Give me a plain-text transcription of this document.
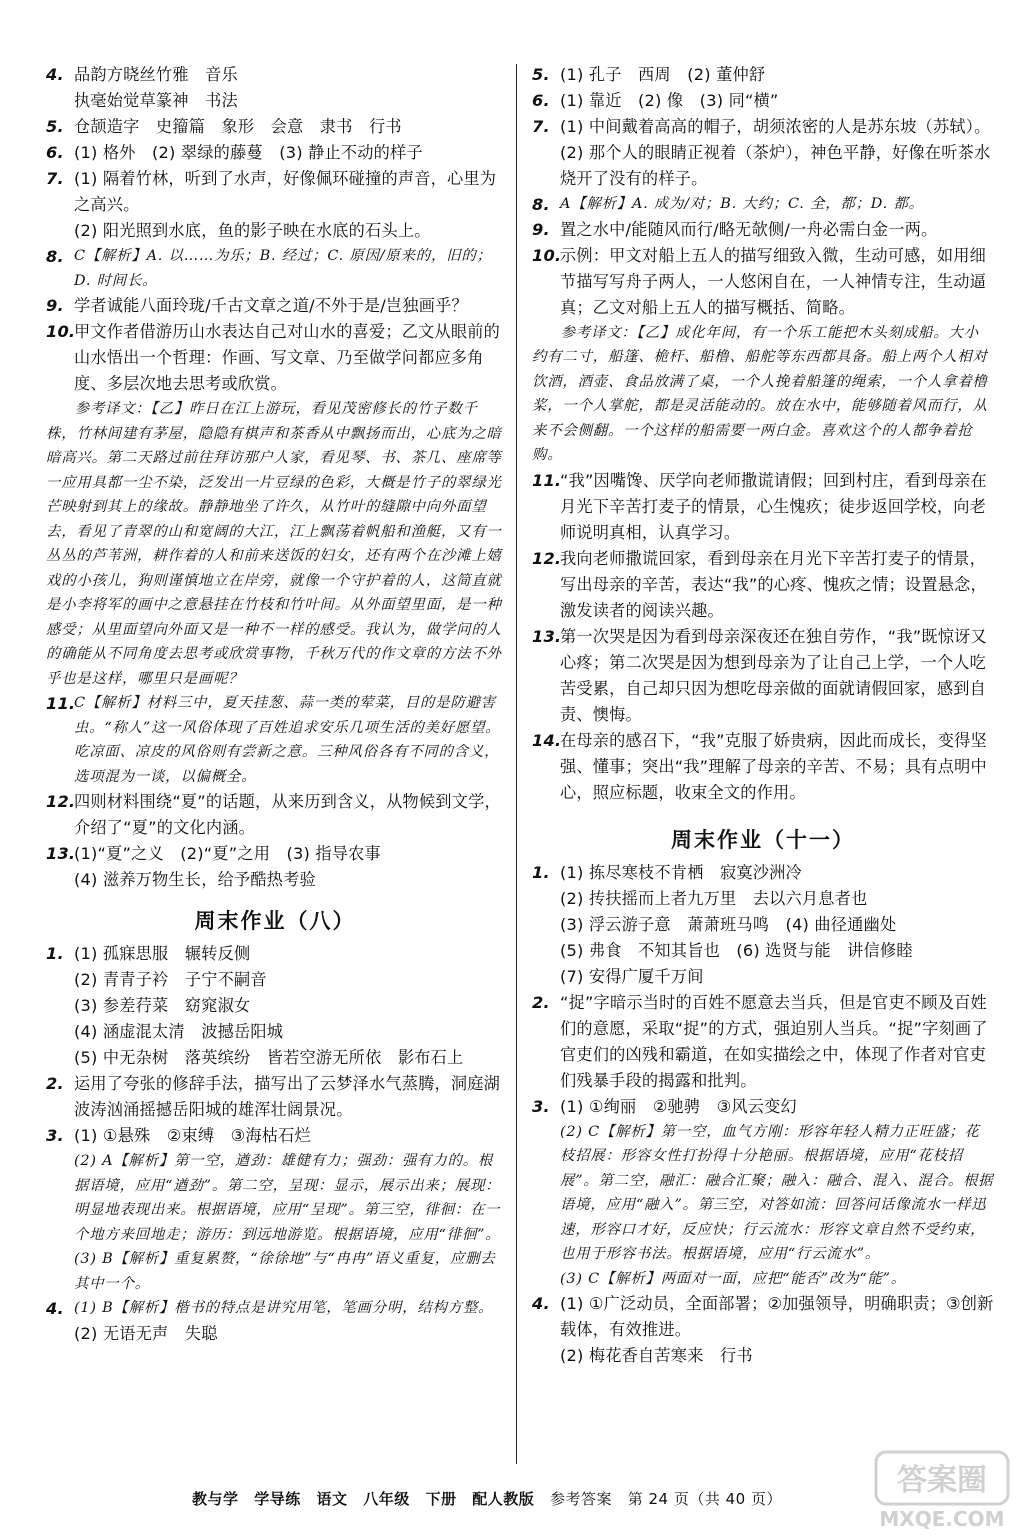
4. 品韵方晓丝竹雅　音乐
执毫始觉草篆神　书法
5. 仓颉造字　史籀篇　象形　会意　隶书　行书
6. (1) 格外　(2) 翠绿的藤蔓　(3) 静止不动的样子
7. (1) 隔着竹林，听到了水声，好像佩环碰撞的声音，心里为之高兴。
(2) 阳光照到水底，鱼的影子映在水底的石头上。
8. C【解析】A. 以……为乐；B. 经过；C. 原因/原来的，旧的；D. 时间长。
9. 学者诚能八面玲珑/千古文章之道/不外于是/岂独画乎？
10.
甲文作者借游历山水表达自己对山水的喜爱；乙文从眼前的山水悟出一个哲理：作画、写文章、乃至做学问都应多角度、多层次地去思考或欣赏。
参考译文：【乙】昨日在江上游玩，看见茂密修长的竹子数千株，竹林间建有茅屋，隐隐有棋声和茶香从中飘扬而出，心底为之暗暗高兴。第二天路过前往拜访那户人家，看见琴、书、茶几、座席等一应用具都一尘不染，泛发出一片豆绿的色彩，大概是竹子的翠绿光芒映射到其上的缘故。静静地坐了许久，从竹叶的缝隙中向外面望去，看见了青翠的山和宽阔的大江，江上飘荡着帆船和渔艇，又有一丛丛的芦苇洲，耕作着的人和前来送饭的妇女，还有两个在沙滩上嬉戏的小孩儿，狗则谨慎地立在岸旁，就像一个守护着的人，这简直就是小李将军的画中之意悬挂在竹枝和竹叶间。从外面望里面，是一种感受；从里面望向外面又是一种不一样的感受。我认为，做学问的人的确能从不同角度去思考或欣赏事物，千秋万代的作文章的方法不外乎也是这样，哪里只是画呢？
11.
C【解析】材料三中，夏天挂葱、蒜一类的荤菜，目的是防避害虫。“称人”这一风俗体现了百姓追求安乐几项生活的美好愿望。吃凉面、凉皮的风俗则有尝新之意。三种风俗各有不同的含义，选项混为一谈，以偏概全。
12.
四则材料围绕“夏”的话题，从来历到含义，从物候到文学，介绍了“夏”的文化内涵。
13.
(1)“夏”之义　(2)“夏”之用　(3) 指导农事
(4) 滋养万物生长，给予酷热考验
周末作业（八）
1. (1) 孤寐思服　辗转反侧
(2) 青青子衿　子宁不嗣音
(3) 参差荇菜　窈窕淑女
(4) 涵虚混太清　波撼岳阳城
(5) 中无杂树　落英缤纷　皆若空游无所依　影布石上
2. 运用了夸张的修辞手法，描写出了云梦泽水气蒸腾，洞庭湖波涛汹涌摇撼岳阳城的雄浑壮阔景况。
3. (1) ①悬殊　②束缚　③海枯石烂
(2) A【解析】第一空，遒劲：雄健有力；强劲：强有力的。根据语境，应用“遒劲”。第二空，呈现：显示，展示出来；展现：明显地表现出来。根据语境，应用“呈现”。第三空，徘徊：在一个地方来回地走；游历：到远地游览。根据语境，应用“徘徊”。
(3) B【解析】重复累赘，“徐徐地”与“冉冉”语义重复，应删去其中一个。
4. (1) B【解析】楷书的特点是讲究用笔，笔画分明，结构方整。
(2) 无语无声　失聪
5. (1) 孔子　西周　(2) 董仲舒
6. (1) 靠近　(2) 像　(3) 同“横”
7. (1) 中间戴着高高的帽子，胡须浓密的人是苏东坡（苏轼）。
(2) 那个人的眼睛正视着（茶炉），神色平静，好像在听茶水烧开了没有的样子。
8. A【解析】A. 成为/对；B. 大约；C. 全，都；D. 都。
9. 置之水中/能随风而行/略无欹侧/一舟必需白金一两。
10.
示例：甲文对船上五人的描写细致入微，生动可感，如用细节描写写舟子两人，一人悠闲自在，一人神情专注，生动逼真；乙文对船上五人的描写概括、简略。
参考译文：【乙】成化年间，有一个乐工能把木头刻成船。大小约有二寸，船篷、桅杆、船橹、船舵等东西都具备。船上两个人相对饮酒，酒壶、食品放满了桌，一个人挽着船篷的绳索，一个人拿着橹桨，一个人掌舵，都是灵活能动的。放在水中，能够随着风而行，从来不会侧翻。一个这样的船需要一两白金。喜欢这个的人都争着抢购。
11.
“我”因嘴馋、厌学向老师撒谎请假；回到村庄，看到母亲在月光下辛苦打麦子的情景，心生愧疚；徒步返回学校，向老师说明真相，认真学习。
12.
我向老师撒谎回家，看到母亲在月光下辛苦打麦子的情景，写出母亲的辛苦，表达“我”的心疼、愧疚之情；设置悬念，激发读者的阅读兴趣。
13.
第一次哭是因为看到母亲深夜还在独自劳作，“我”既惊讶又心疼；第二次哭是因为想到母亲为了让自己上学，一个人吃苦受累，自己却只因为想吃母亲做的面就请假回家，感到自责、懊悔。
14.
在母亲的感召下，“我”克服了娇贵病，因此而成长，变得坚强、懂事；突出“我”理解了母亲的辛苦、不易；具有点明中心，照应标题，收束全文的作用。
周末作业（十一）
1. (1) 拣尽寒枝不肯栖　寂寞沙洲冷
(2) 抟扶摇而上者九万里　去以六月息者也
(3) 浮云游子意　萧萧班马鸣　(4) 曲径通幽处
(5) 弗食　不知其旨也　(6) 选贤与能　讲信修睦
(7) 安得广厦千万间
2. “捉”字暗示当时的百姓不愿意去当兵，但是官吏不顾及百姓们的意愿，采取“捉”的方式，强迫别人当兵。“捉”字刻画了官吏们的凶残和霸道，在如实描绘之中，体现了作者对官吏们残暴手段的揭露和批判。
3. (1) ①绚丽　②驰骋　③风云变幻
(2) C【解析】第一空，血气方刚：形容年轻人精力正旺盛；花枝招展：形容女性打扮得十分艳丽。根据语境，应用“花枝招展”。第二空，融汇：融合汇聚；融入：融合、混入、混合。根据语境，应用“融入”。第三空，对答如流：回答问话像流水一样迅速，形容口才好，反应快；行云流水：形容文章自然不受约束，也用于形容书法。根据语境，应用“行云流水”。
(3) C【解析】两面对一面，应把“能否”改为“能”。
4. (1) ①广泛动员，全面部署；②加强领导，明确职责；③创新载体，有效推进。
(2) 梅花香自苦寒来　行书
教与学 学导练 语文 八年级 下册 配人教版 参考答案 第 24 页（共 40 页）
答案圈
MXQE.COM
